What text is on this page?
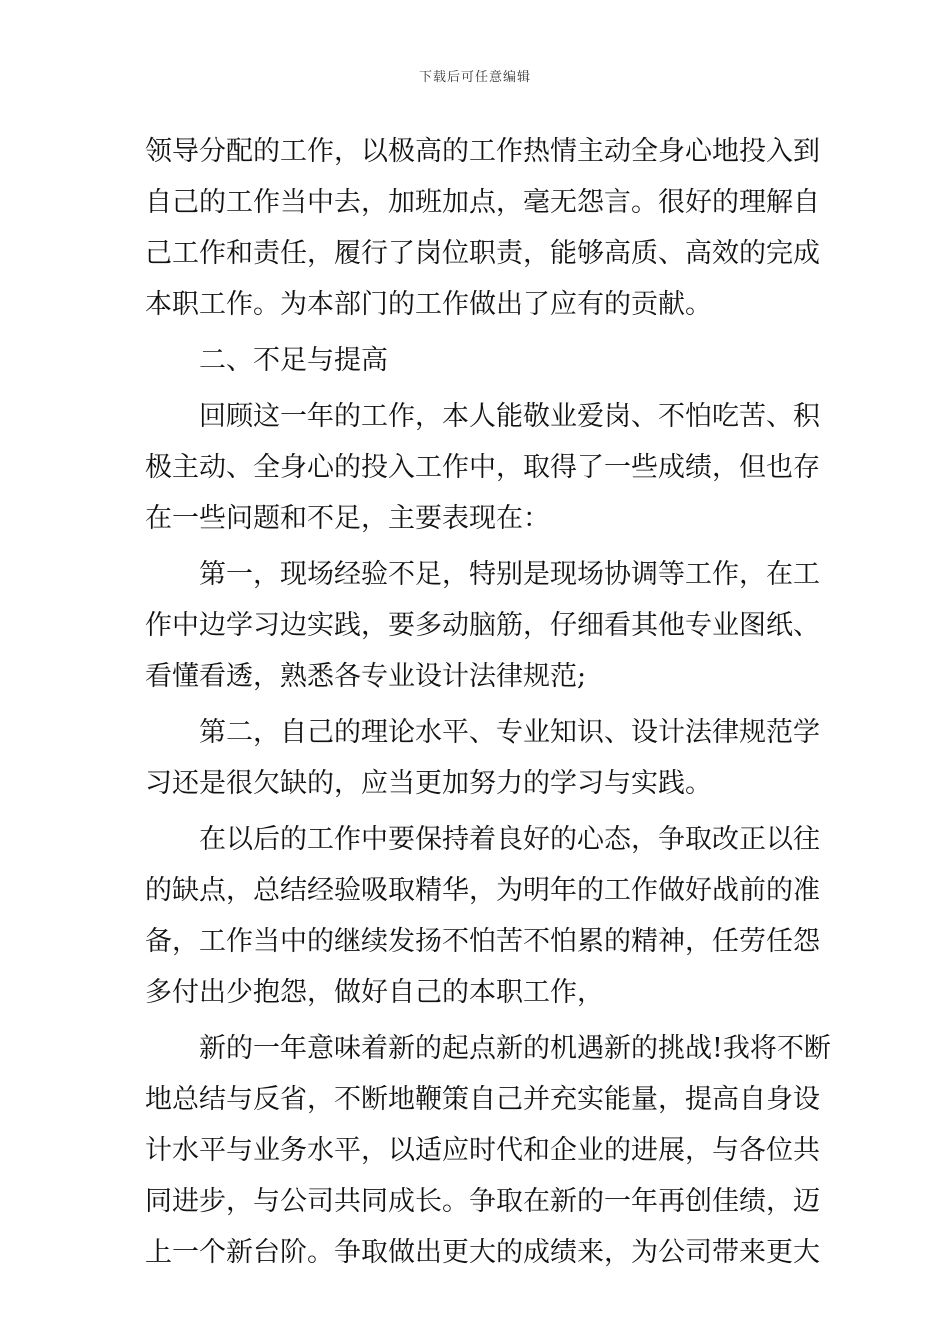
下载后可任意编辑
领导分配的工作，以极高的工作热情主动全身心地投入到
自己的工作当中去，加班加点，毫无怨言。很好的理解自
己工作和责任，履行了岗位职责，能够高质、高效的完成
本职工作。为本部门的工作做出了应有的贡献。
二、不足与提高
回顾这一年的工作，本人能敬业爱岗、不怕吃苦、积
极主动、全身心的投入工作中，取得了一些成绩，但也存
在一些问题和不足，主要表现在：
第一，现场经验不足，特别是现场协调等工作，在工
作中边学习边实践，要多动脑筋，仔细看其他专业图纸、
看懂看透，熟悉各专业设计法律规范;
第二，自己的理论水平、专业知识、设计法律规范学
习还是很欠缺的，应当更加努力的学习与实践。
在以后的工作中要保持着良好的心态，争取改正以往
的缺点，总结经验吸取精华，为明年的工作做好战前的准
备，工作当中的继续发扬不怕苦不怕累的精神，任劳任怨
多付出少抱怨，做好自己的本职工作，
新的一年意味着新的起点新的机遇新的挑战!我将不断
地总结与反省，不断地鞭策自己并充实能量，提高自身设
计水平与业务水平，以适应时代和企业的进展，与各位共
同进步，与公司共同成长。争取在新的一年再创佳绩，迈
上一个新台阶。争取做出更大的成绩来，为公司带来更大
